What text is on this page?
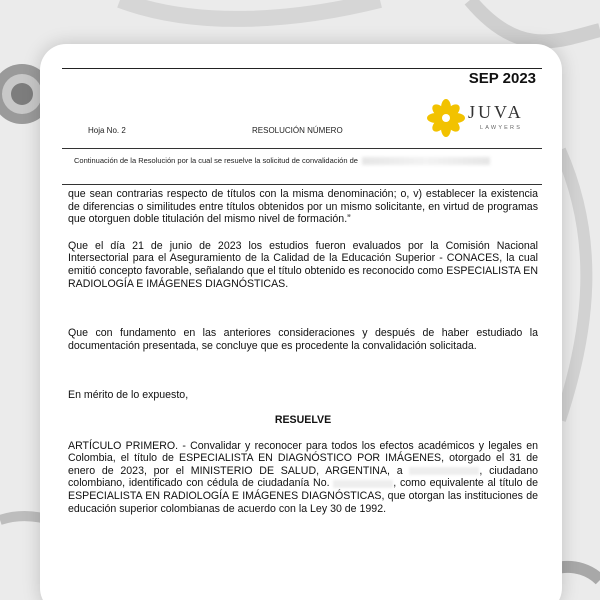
SEP 2023
JUVA
LAWYERS
Hoja No. 2	RESOLUCIÓN NÚMERO
Continuación de la Resolución por la cual se resuelve la solicitud de convalidación de

que sean contrarias respecto de títulos con la misma denominación; o, v) establecer la existencia de diferencias o similitudes entre títulos obtenidos por un mismo solicitante, en virtud de programas que otorguen doble titulación del mismo nivel de formación.”

Que el día 21 de junio de 2023 los estudios fueron evaluados por la Comisión Nacional Intersectorial para el Aseguramiento de la Calidad de la Educación Superior - CONACES, la cual emitió concepto favorable, señalando que el título obtenido es reconocido como ESPECIALISTA EN RADIOLOGÍA E IMÁGENES DIAGNÓSTICAS.

Que con fundamento en las anteriores consideraciones y después de haber estudiado la documentación presentada, se concluye que es procedente la convalidación solicitada.

En mérito de lo expuesto,

RESUELVE

ARTÍCULO PRIMERO. - Convalidar y reconocer para todos los efectos académicos y legales en Colombia, el título de ESPECIALISTA EN DIAGNÓSTICO POR IMÁGENES, otorgado el 31 de enero de 2023, por el MINISTERIO DE SALUD, ARGENTINA, a	, ciudadano colombiano, identificado con cédula de ciudadanía No.	, como equivalente al título de ESPECIALISTA EN RADIOLOGÍA E IMÁGENES DIAGNÓSTICAS, que otorgan las instituciones de educación superior colombianas de acuerdo con la Ley 30 de 1992.
